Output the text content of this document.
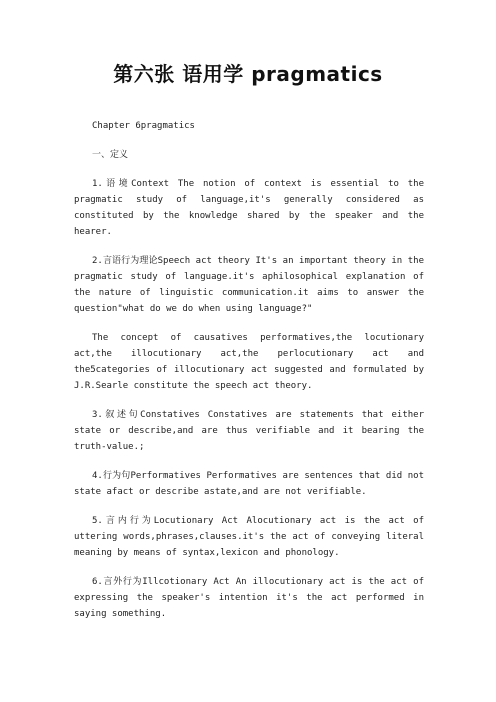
第六张 语用学 pragmatics

Chapter 6pragmatics

一、定义

1.语境Context The notion of context is essential to the pragmatic study of language,it's generally considered as constituted by the knowledge shared by the speaker and the hearer.

2.言语行为理论Speech act theory It's an important theory in the pragmatic study of language.it's aphilosophical explanation of the nature of linguistic communication.it aims to answer the question"what do we do when using language?"

The concept of causatives performatives,the locutionary act,the illocutionary act,the perlocutionary act and the5categories of illocutionary act suggested and formulated by J.R.Searle constitute the speech act theory.

3.叙述句Constatives Constatives are statements that either state or describe,and are thus verifiable and it bearing the truth-value.;

4.行为句Performatives Performatives are sentences that did not state afact or describe astate,and are not verifiable.

5.言内行为Locutionary Act Alocutionary act is the act of uttering words,phrases,clauses.it's the act of conveying literal meaning by means of syntax,lexicon and phonology.

6.言外行为Illcotionary Act An illocutionary act is the act of expressing the speaker's intention it's the act performed in saying something.
